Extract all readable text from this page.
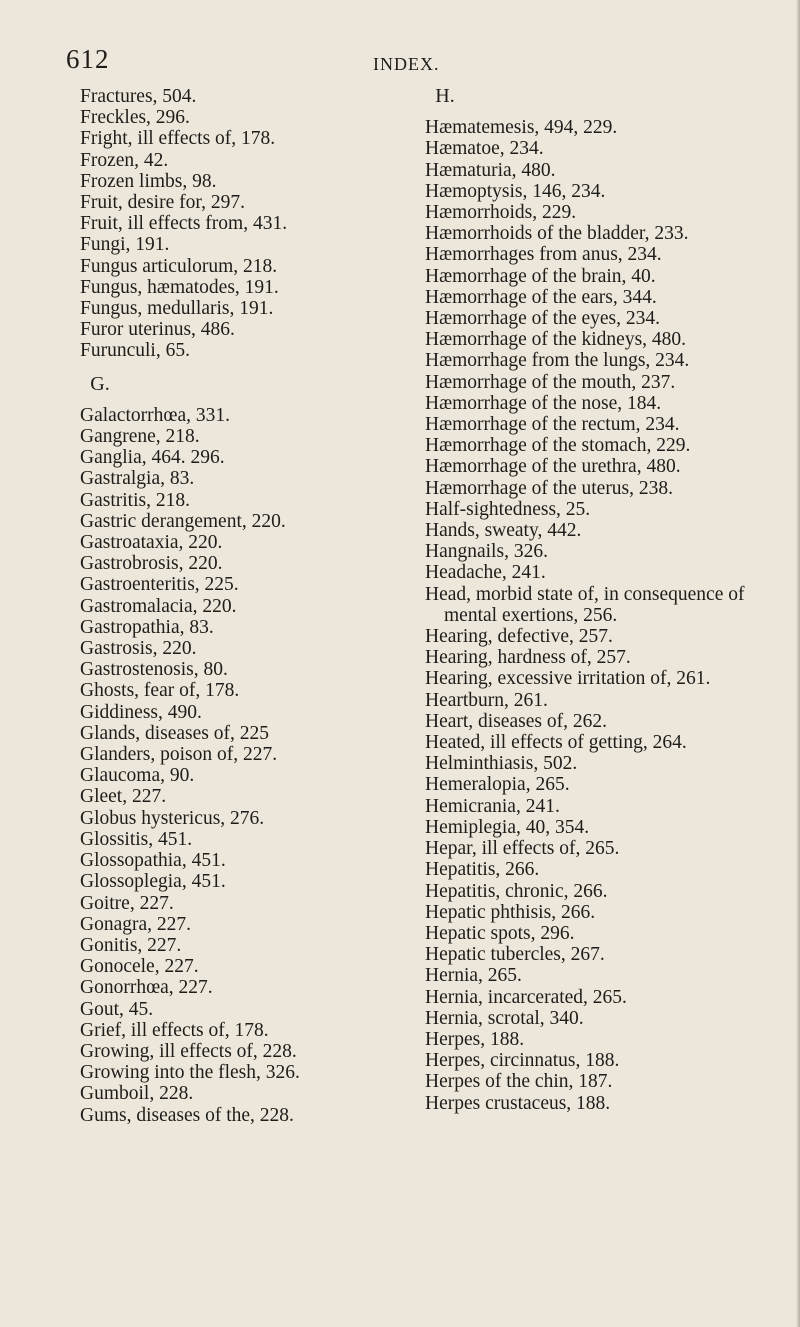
612	INDEX.
Fractures, 504.
Freckles, 296.
Fright, ill effects of, 178.
Frozen, 42.
Frozen limbs, 98.
Fruit, desire for, 297.
Fruit, ill effects from, 431.
Fungi, 191.
Fungus articulorum, 218.
Fungus, hæmatodes, 191.
Fungus, medullaris, 191.
Furor uterinus, 486.
Furunculi, 65.
G.
Galactorrhœa, 331.
Gangrene, 218.
Ganglia, 464. 296.
Gastralgia, 83.
Gastritis, 218.
Gastric derangement, 220.
Gastroataxia, 220.
Gastrobrosis, 220.
Gastroenteritis, 225.
Gastromalacia, 220.
Gastropathia, 83.
Gastrosis, 220.
Gastrostenosis, 80.
Ghosts, fear of, 178.
Giddiness, 490.
Glands, diseases of, 225
Glanders, poison of, 227.
Glaucoma, 90.
Gleet, 227.
Globus hystericus, 276.
Glossitis, 451.
Glossopathia, 451.
Glossoplegia, 451.
Goitre, 227.
Gonagra, 227.
Gonitis, 227.
Gonocele, 227.
Gonorrhœa, 227.
Gout, 45.
Grief, ill effects of, 178.
Growing, ill effects of, 228.
Growing into the flesh, 326.
Gumboil, 228.
Gums, diseases of the, 228.
H.
Hæmatemesis, 494, 229.
Hæmatoe, 234.
Hæmaturia, 480.
Hæmoptysis, 146, 234.
Hæmorrhoids, 229.
Hæmorrhoids of the bladder, 233.
Hæmorrhages from anus, 234.
Hæmorrhage of the brain, 40.
Hæmorrhage of the ears, 344.
Hæmorrhage of the eyes, 234.
Hæmorrhage of the kidneys, 480.
Hæmorrhage from the lungs, 234.
Hæmorrhage of the mouth, 237.
Hæmorrhage of the nose, 184.
Hæmorrhage of the rectum, 234.
Hæmorrhage of the stomach, 229.
Hæmorrhage of the urethra, 480.
Hæmorrhage of the uterus, 238.
Half-sightedness, 25.
Hands, sweaty, 442.
Hangnails, 326.
Headache, 241.
Head, morbid state of, in consequence of mental exertions, 256.
Hearing, defective, 257.
Hearing, hardness of, 257.
Hearing, excessive irritation of, 261.
Heartburn, 261.
Heart, diseases of, 262.
Heated, ill effects of getting, 264.
Helminthiasis, 502.
Hemeralopia, 265.
Hemicrania, 241.
Hemiplegia, 40, 354.
Hepar, ill effects of, 265.
Hepatitis, 266.
Hepatitis, chronic, 266.
Hepatic phthisis, 266.
Hepatic spots, 296.
Hepatic tubercles, 267.
Hernia, 265.
Hernia, incarcerated, 265.
Hernia, scrotal, 340.
Herpes, 188.
Herpes, circinnatus, 188.
Herpes of the chin, 187.
Herpes crustaceus, 188.
